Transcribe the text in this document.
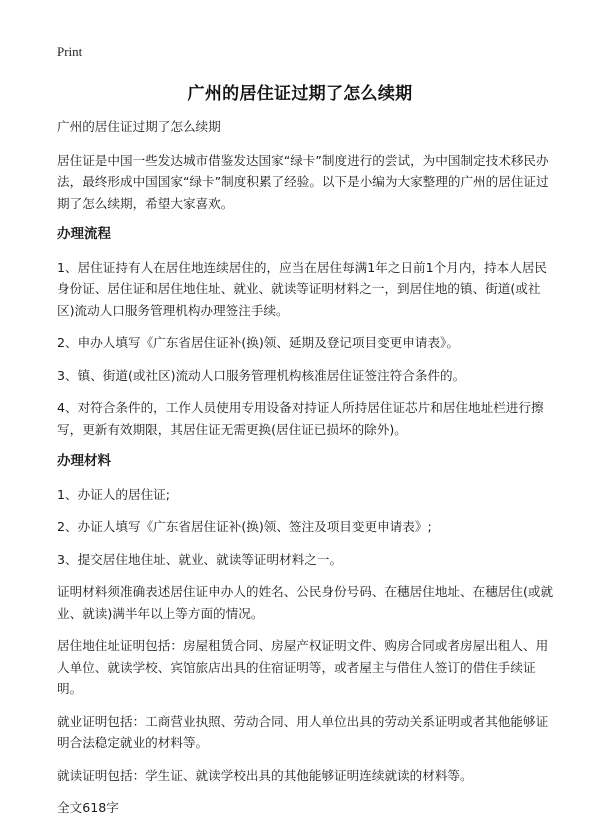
Print
广州的居住证过期了怎么续期

广州的居住证过期了怎么续期

居住证是中国一些发达城市借鉴发达国家“绿卡”制度进行的尝试，为中国制定技术移民办法，最终形成中国国家“绿卡”制度积累了经验。以下是小编为大家整理的广州的居住证过期了怎么续期，希望大家喜欢。

办理流程

1、居住证持有人在居住地连续居住的，应当在居住每满1年之日前1个月内，持本人居民身份证、居住证和居住地住址、就业、就读等证明材料之一，到居住地的镇、街道(或社区)流动人口服务管理机构办理签注手续。

2、申办人填写《广东省居住证补(换)领、延期及登记项目变更申请表》。

3、镇、街道(或社区)流动人口服务管理机构核准居住证签注符合条件的。

4、对符合条件的，工作人员使用专用设备对持证人所持居住证芯片和居住地址栏进行擦写，更新有效期限，其居住证无需更换(居住证已损坏的除外)。

办理材料

1、办证人的居住证;

2、办证人填写《广东省居住证补(换)领、签注及项目变更申请表》;

3、提交居住地住址、就业、就读等证明材料之一。

证明材料须准确表述居住证申办人的姓名、公民身份号码、在穗居住地址、在穗居住(或就业、就读)满半年以上等方面的情况。

居住地住址证明包括：房屋租赁合同、房屋产权证明文件、购房合同或者房屋出租人、用人单位、就读学校、宾馆旅店出具的住宿证明等，或者屋主与借住人签订的借住手续证明。

就业证明包括：工商营业执照、劳动合同、用人单位出具的劳动关系证明或者其他能够证明合法稳定就业的材料等。

就读证明包括：学生证、就读学校出具的其他能够证明连续就读的材料等。

全文618字
